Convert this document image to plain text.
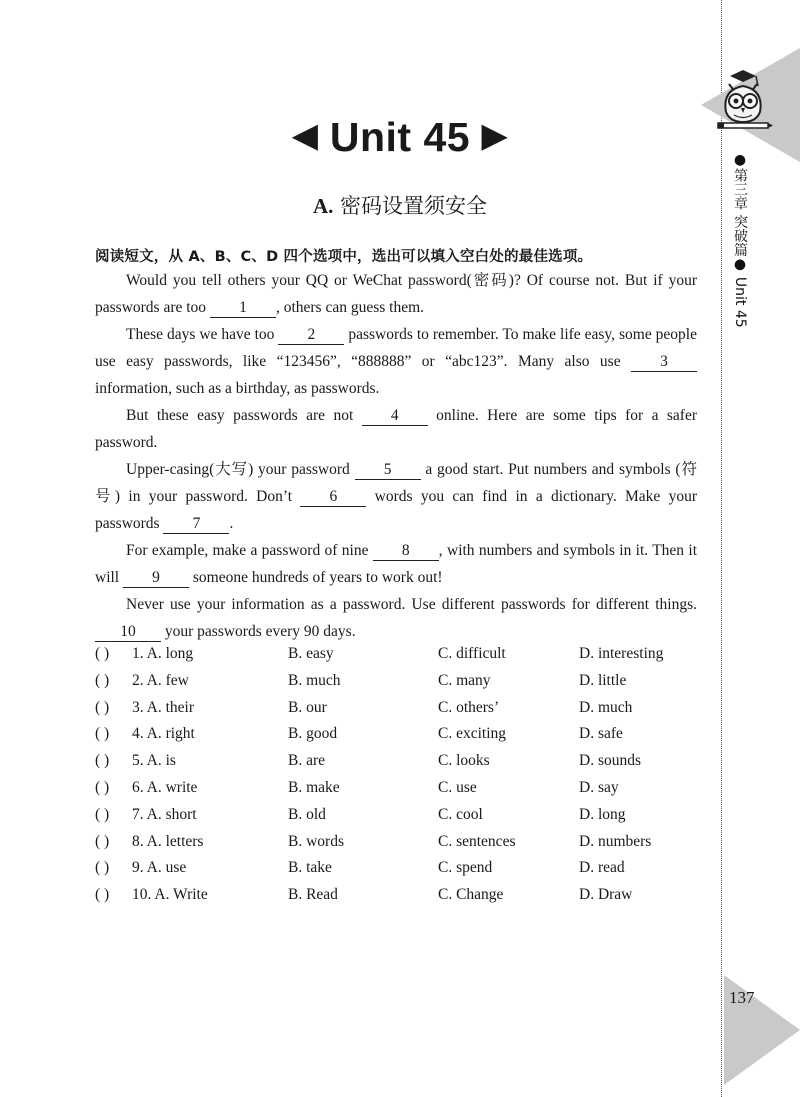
●第三章 突破篇● Unit 45
137
◀ Unit 45 ▶
A. 密码设置须安全
阅读短文，从 A、B、C、D 四个选项中，选出可以填入空白处的最佳选项。

Would you tell others your QQ or WeChat password(密码)? Of course not. But if your passwords are too 1 , others can guess them.

These days we have too 2 passwords to remember. To make life easy, some people use easy passwords, like “123456”, “888888” or “abc123”. Many also use 3 information, such as a birthday, as passwords.

But these easy passwords are not 4 online. Here are some tips for a safer password.

Upper-casing(大写) your password 5 a good start. Put numbers and symbols (符号) in your password. Don’t 6 words you can find in a dictionary. Make your passwords 7 .

For example, make a password of nine 8 , with numbers and symbols in it. Then it will 9 someone hundreds of years to work out!

Never use your information as a password. Use different passwords for different things. 10 your passwords every 90 days.

( ) 1. A. long	B. easy	C. difficult	D. interesting
( ) 2. A. few	B. much	C. many	D. little
( ) 3. A. their	B. our	C. others’	D. much
( ) 4. A. right	B. good	C. exciting	D. safe
( ) 5. A. is	B. are	C. looks	D. sounds
( ) 6. A. write	B. make	C. use	D. say
( ) 7. A. short	B. old	C. cool	D. long
( ) 8. A. letters	B. words	C. sentences	D. numbers
( ) 9. A. use	B. take	C. spend	D. read
( ) 10. A. Write	B. Read	C. Change	D. Draw
